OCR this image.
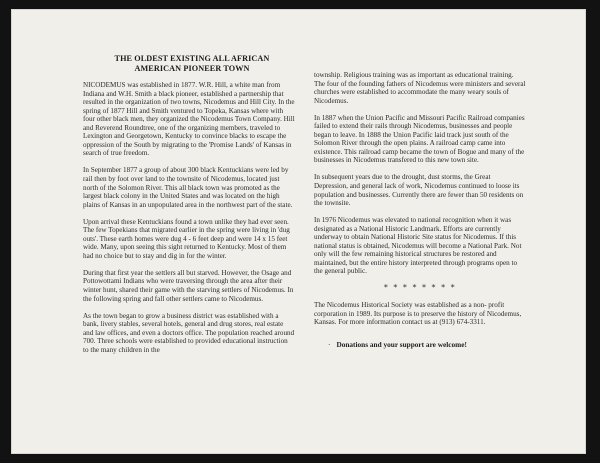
THE OLDEST EXISTING ALL AFRICAN
AMERICAN PIONEER TOWN

NICODEMUS was established in 1877. W.R. Hill, a white man from Indiana and W.H. Smith a black pioneer, established a partnership that resulted in the organization of two towns, Nicodemus and Hill City. In the spring of 1877 Hill and Smith ventured to Topeka, Kansas where with four other black men, they organized the Nicodemus Town Company. Hill and Reverend Roundtree, one of the organizing members, traveled to Lexington and Georgetown, Kentucky to convince blacks to escape the oppression of the South by migrating to the 'Promise Lands' of Kansas in search of true freedom.

In September 1877 a group of about 300 black Kentuckians were led by rail then by foot over land to the townsite of Nicodemus, located just north of the Solomon River. This all black town was promoted as the largest black colony in the United States and was located on the high plains of Kansas in an unpopulated area in the northwest part of the state.

Upon arrival these Kentuckians found a town unlike they had ever seen. The few Topekians that migrated earlier in the spring were living in 'dug outs'. These earth homes were dug 4 - 6 feet deep and were 14 x 15 feet wide. Many, upon seeing this sight returned to Kentucky. Most of them had no choice but to stay and dig in for the winter.

During that first year the settlers all but starved. However, the Osage and Pottowottami Indians who were traversing through the area after their winter hunt, shared their game with the starving settlers of Nicodemus. In the following spring and fall other settlers came to Nicodemus.

As the town began to grow a business district was established with a bank, livery stables, several hotels, general and drug stores, real estate and law offices, and even a doctors office. The population reached around 700. Three schools were established to provided educational instruction to the many children in the

township. Religious training was as important as educational training. The four of the founding fathers of Nicodemus were ministers and several churches were established to accommodate the many weary souls of Nicodemus.

In 1887 when the Union Pacific and Missouri Pacific Railroad companies failed to extend their rails through Nicodemus, businesses and people began to leave. In 1888 the Union Pacific laid track just south of the Solomon River through the open plains. A railroad camp came into existence. This railroad camp became the town of Bogue and many of the businesses in Nicodemus transfered to this new town site.

In subsequent years due to the drought, dust storms, the Great Depression, and general lack of work, Nicodemus continued to loose its population and businesses. Currently there are fewer than 50 residents on the townsite.

In 1976 Nicodemus was elevated to national recognition when it was designated as a National Historic Landmark. Efforts are currently underway to obtain National Historic Site status for Nicodemus. If this national status is obtained, Nicodemus will become a National Park. Not only will the few remaining historical structures be restored and maintained, but the entire history interpreted through programs open to the general public.

* * * * * * * *

The Nicodemus Historical Society was established as a non- profit corporation in 1989. Its purpose is to preserve the history of Nicodemus, Kansas. For more information contact us at (913) 674-3311.

· Donations and your support are welcome!
